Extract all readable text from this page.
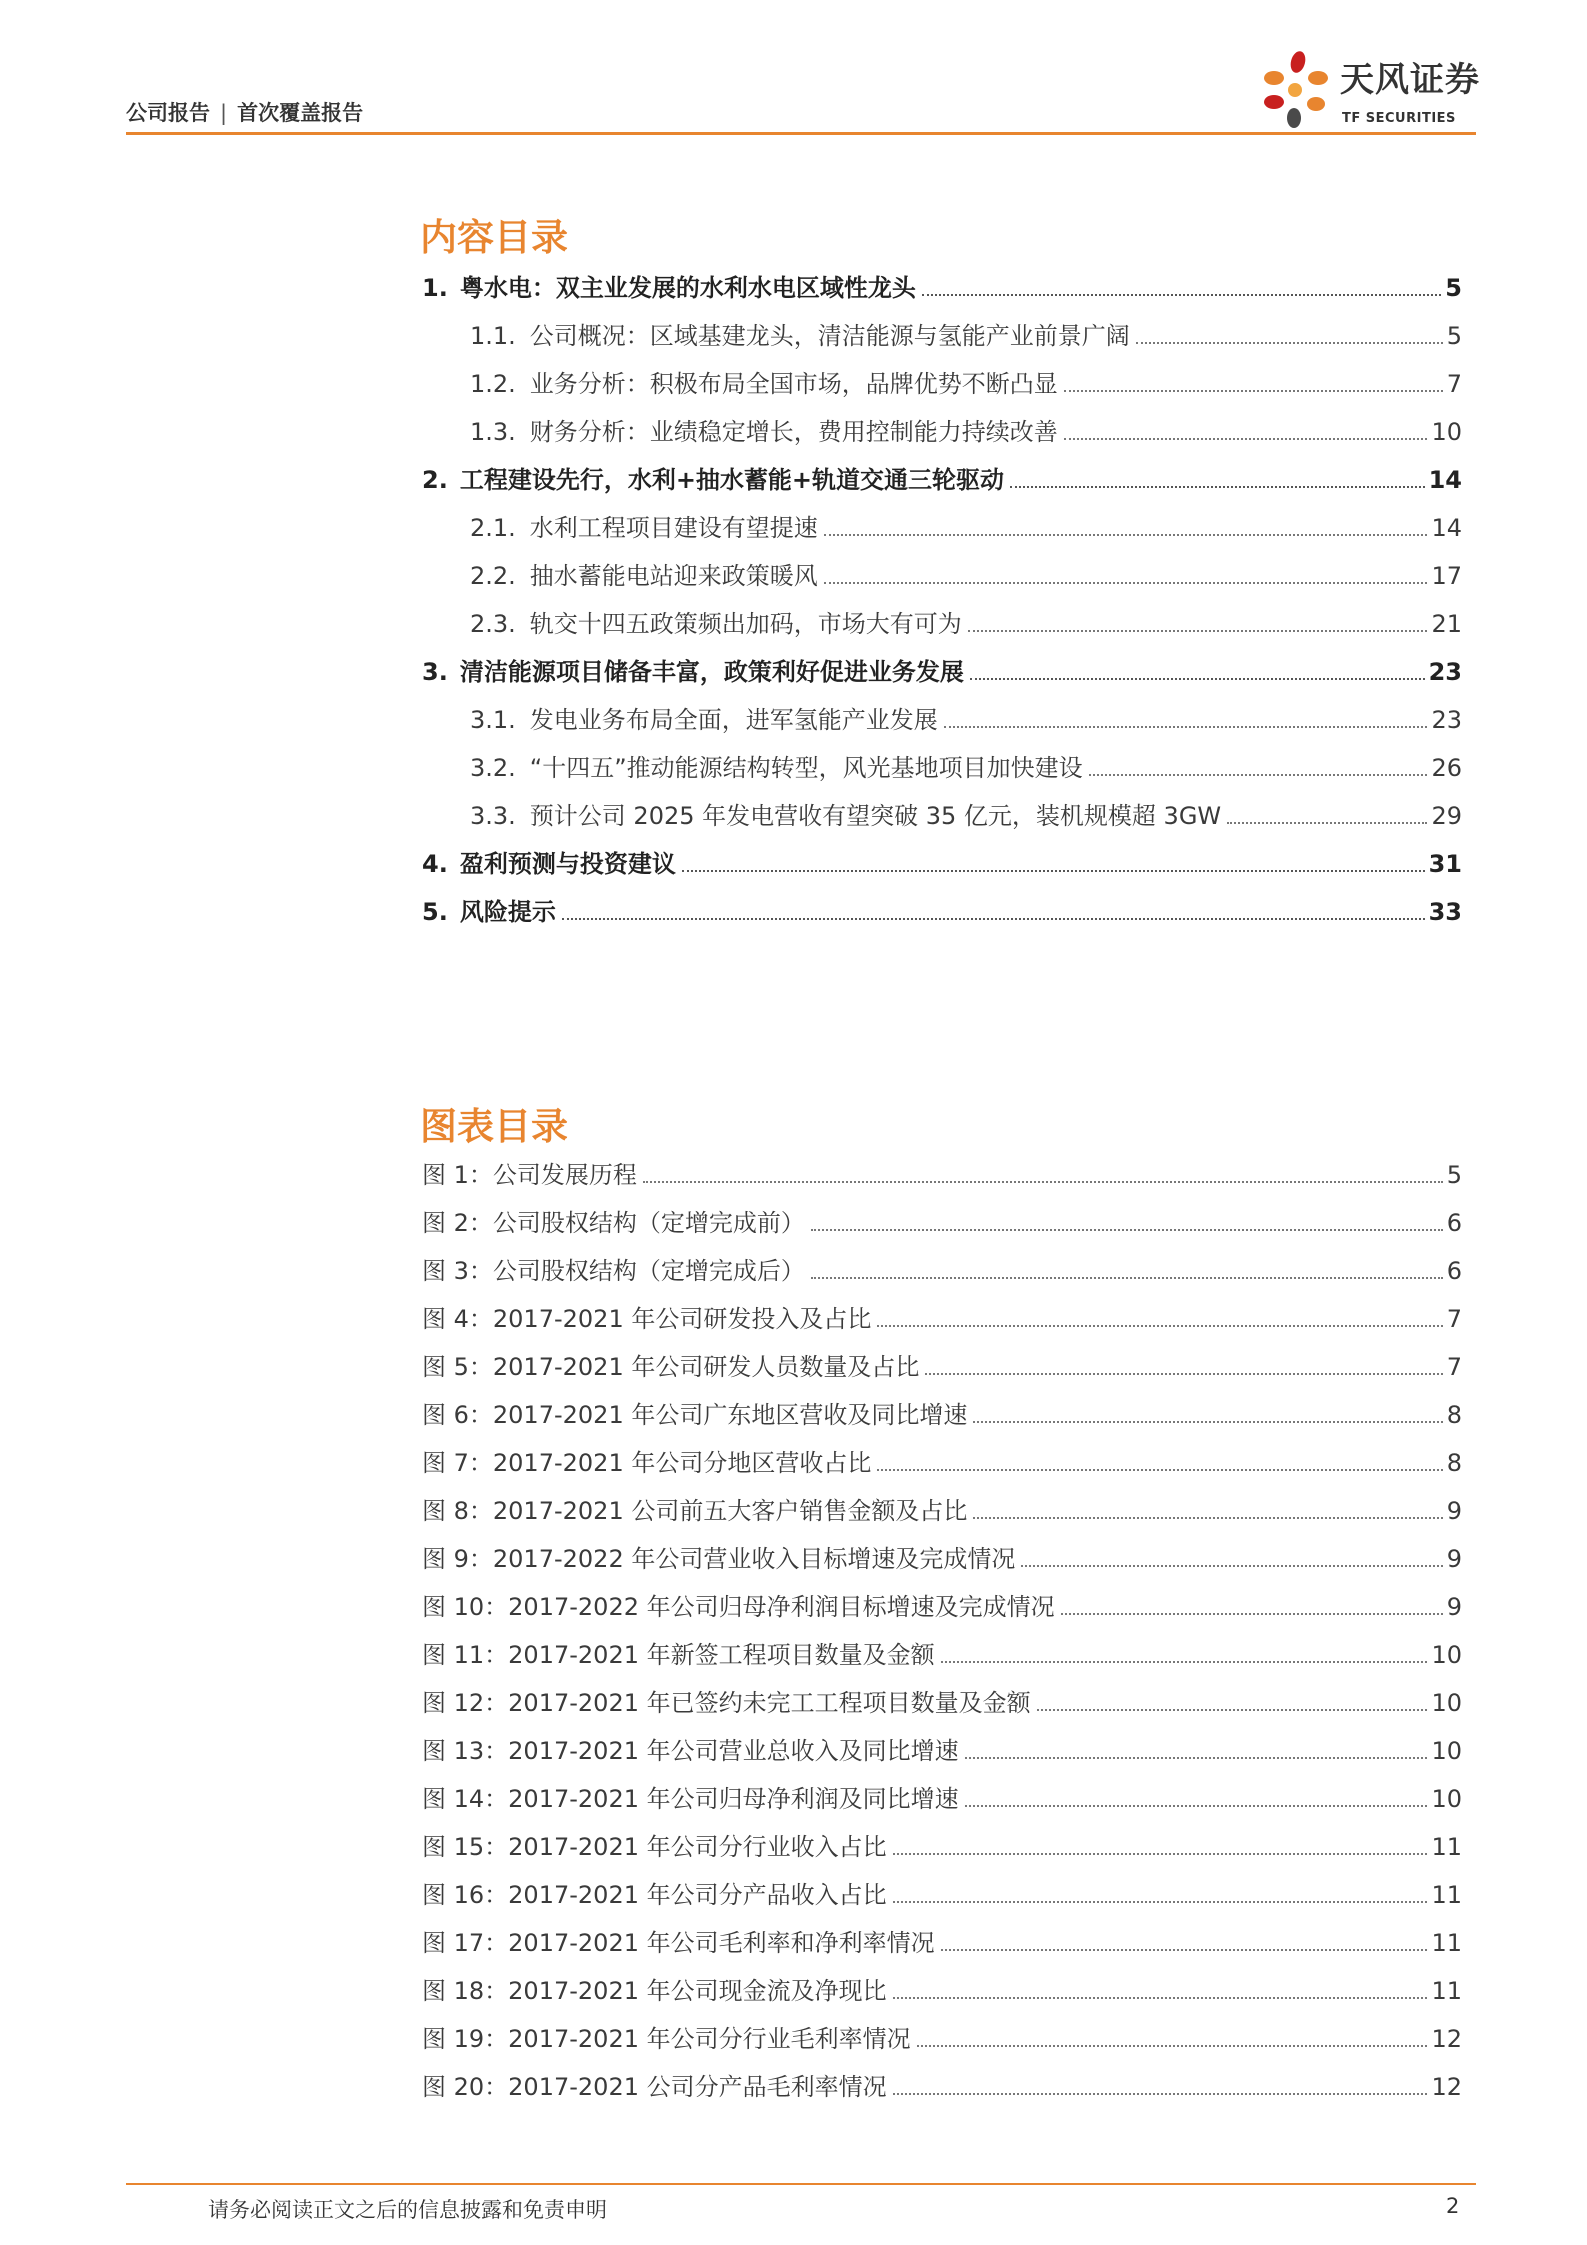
公司报告 | 首次覆盖报告
天风证券
TF SECURITIES
内容目录
1. 粤水电：双主业发展的水利水电区域性龙头	5
1.1. 公司概况：区域基建龙头，清洁能源与氢能产业前景广阔	5
1.2. 业务分析：积极布局全国市场，品牌优势不断凸显	7
1.3. 财务分析：业绩稳定增长，费用控制能力持续改善	10
2. 工程建设先行，水利+抽水蓄能+轨道交通三轮驱动	14
2.1. 水利工程项目建设有望提速	14
2.2. 抽水蓄能电站迎来政策暖风	17
2.3. 轨交十四五政策频出加码，市场大有可为	21
3. 清洁能源项目储备丰富，政策利好促进业务发展	23
3.1. 发电业务布局全面，进军氢能产业发展	23
3.2. “十四五”推动能源结构转型，风光基地项目加快建设	26
3.3. 预计公司 2025 年发电营收有望突破 35 亿元，装机规模超 3GW	29
4. 盈利预测与投资建议	31
5. 风险提示	33
图表目录
图 1：公司发展历程	5
图 2：公司股权结构（定增完成前）	6
图 3：公司股权结构（定增完成后）	6
图 4：2017-2021 年公司研发投入及占比	7
图 5：2017-2021 年公司研发人员数量及占比	7
图 6：2017-2021 年公司广东地区营收及同比增速	8
图 7：2017-2021 年公司分地区营收占比	8
图 8：2017-2021 公司前五大客户销售金额及占比	9
图 9：2017-2022 年公司营业收入目标增速及完成情况	9
图 10：2017-2022 年公司归母净利润目标增速及完成情况	9
图 11：2017-2021 年新签工程项目数量及金额	10
图 12：2017-2021 年已签约未完工工程项目数量及金额	10
图 13：2017-2021 年公司营业总收入及同比增速	10
图 14：2017-2021 年公司归母净利润及同比增速	10
图 15：2017-2021 年公司分行业收入占比	11
图 16：2017-2021 年公司分产品收入占比	11
图 17：2017-2021 年公司毛利率和净利率情况	11
图 18：2017-2021 年公司现金流及净现比	11
图 19：2017-2021 年公司分行业毛利率情况	12
图 20：2017-2021 公司分产品毛利率情况	12
请务必阅读正文之后的信息披露和免责申明	2
